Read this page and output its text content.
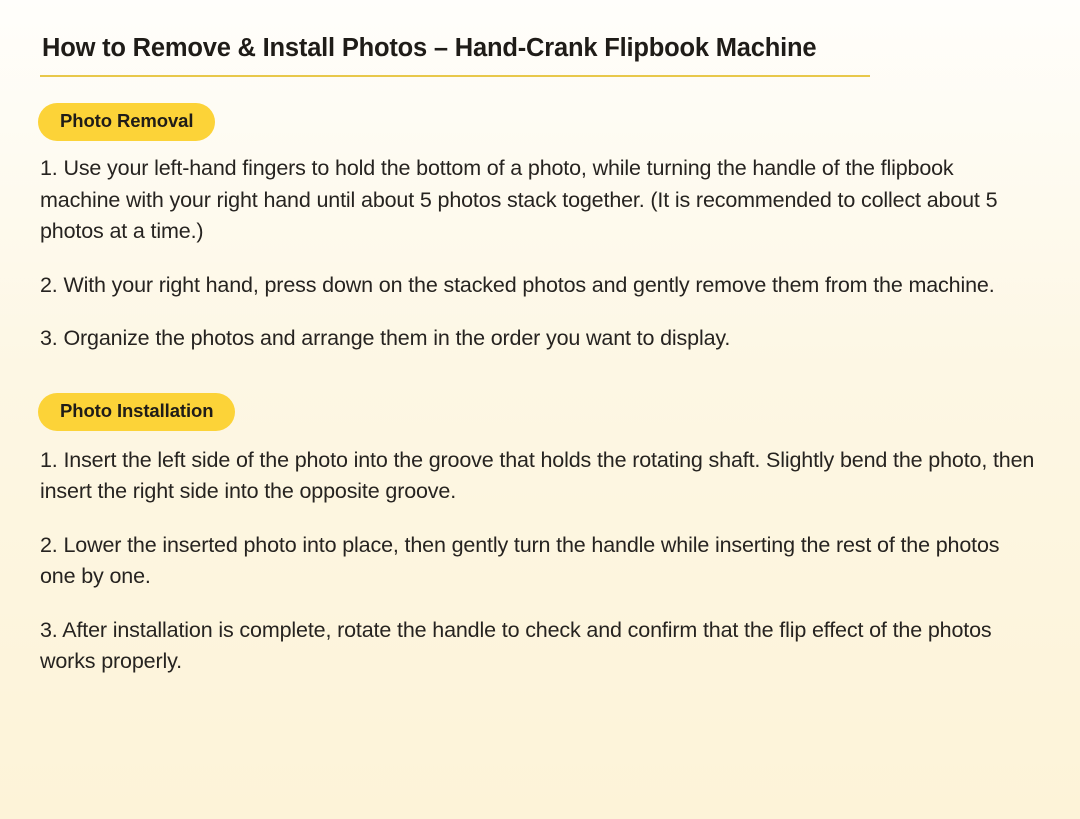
How to Remove & Install Photos – Hand-Crank Flipbook Machine
Photo Removal

1. Use your left-hand fingers to hold the bottom of a photo, while turning the handle of the flipbook machine with your right hand until about 5 photos stack together. (It is recommended to collect about 5 photos at a time.)

2. With your right hand, press down on the stacked photos and gently remove them from the machine.

3. Organize the photos and arrange them in the order you want to display.

Photo Installation

1. Insert the left side of the photo into the groove that holds the rotating shaft. Slightly bend the photo, then insert the right side into the opposite groove.

2. Lower the inserted photo into place, then gently turn the handle while inserting the rest of the photos one by one.

3. After installation is complete, rotate the handle to check and confirm that the flip effect of the photos works properly.
